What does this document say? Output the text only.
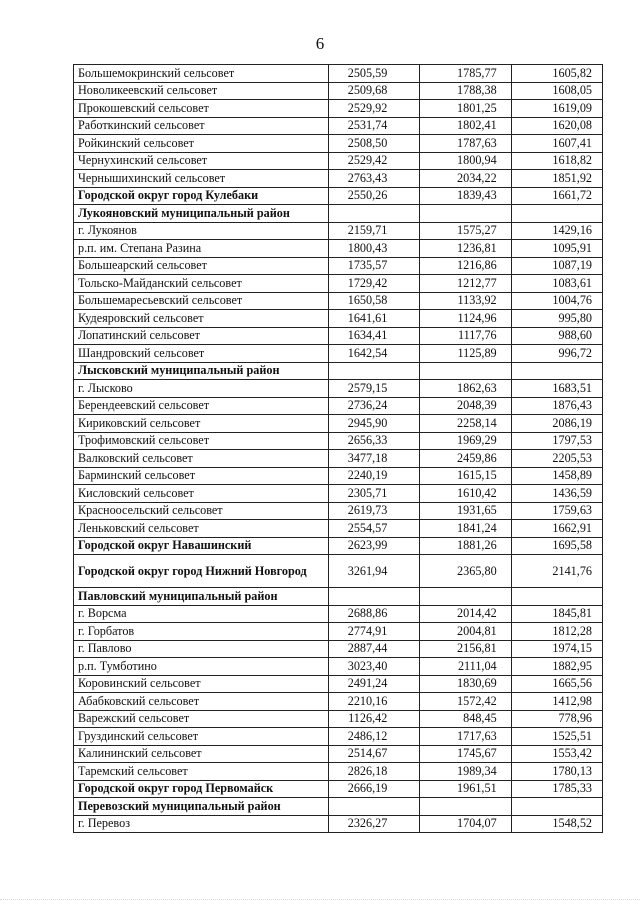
6
Большемокринский сельсовет	2505,59	1785,77	1605,82
Новоликеевский сельсовет	2509,68	1788,38	1608,05
Прокошевский сельсовет	2529,92	1801,25	1619,09
Работкинский сельсовет	2531,74	1802,41	1620,08
Ройкинский сельсовет	2508,50	1787,63	1607,41
Чернухинский сельсовет	2529,42	1800,94	1618,82
Чернышихинский сельсовет	2763,43	2034,22	1851,92
Городской округ город Кулебаки	2550,26	1839,43	1661,72
Лукояновский муниципальный район			
г. Лукоянов	2159,71	1575,27	1429,16
р.п. им. Степана Разина	1800,43	1236,81	1095,91
Большеарский сельсовет	1735,57	1216,86	1087,19
Тольско-Майданский сельсовет	1729,42	1212,77	1083,61
Большемаресьевский сельсовет	1650,58	1133,92	1004,76
Кудеяровский сельсовет	1641,61	1124,96	995,80
Лопатинский сельсовет	1634,41	1117,76	988,60
Шандровский сельсовет	1642,54	1125,89	996,72
Лысковский муниципальный район			
г. Лысково	2579,15	1862,63	1683,51
Берендеевский сельсовет	2736,24	2048,39	1876,43
Кириковский сельсовет	2945,90	2258,14	2086,19
Трофимовский сельсовет	2656,33	1969,29	1797,53
Валковский сельсовет	3477,18	2459,86	2205,53
Барминский сельсовет	2240,19	1615,15	1458,89
Кисловский сельсовет	2305,71	1610,42	1436,59
Красноосельский сельсовет	2619,73	1931,65	1759,63
Леньковский сельсовет	2554,57	1841,24	1662,91
Городской округ Навашинский	2623,99	1881,26	1695,58
Городской округ город Нижний Новгород	3261,94	2365,80	2141,76
Павловский муниципальный район			
г. Ворсма	2688,86	2014,42	1845,81
г. Горбатов	2774,91	2004,81	1812,28
г. Павлово	2887,44	2156,81	1974,15
р.п. Тумботино	3023,40	2111,04	1882,95
Коровинский сельсовет	2491,24	1830,69	1665,56
Абабковский сельсовет	2210,16	1572,42	1412,98
Варежский сельсовет	1126,42	848,45	778,96
Груздинский сельсовет	2486,12	1717,63	1525,51
Калининский сельсовет	2514,67	1745,67	1553,42
Таремский сельсовет	2826,18	1989,34	1780,13
Городской округ город Первомайск	2666,19	1961,51	1785,33
Перевозский муниципальный район			
г. Перевоз	2326,27	1704,07	1548,52
